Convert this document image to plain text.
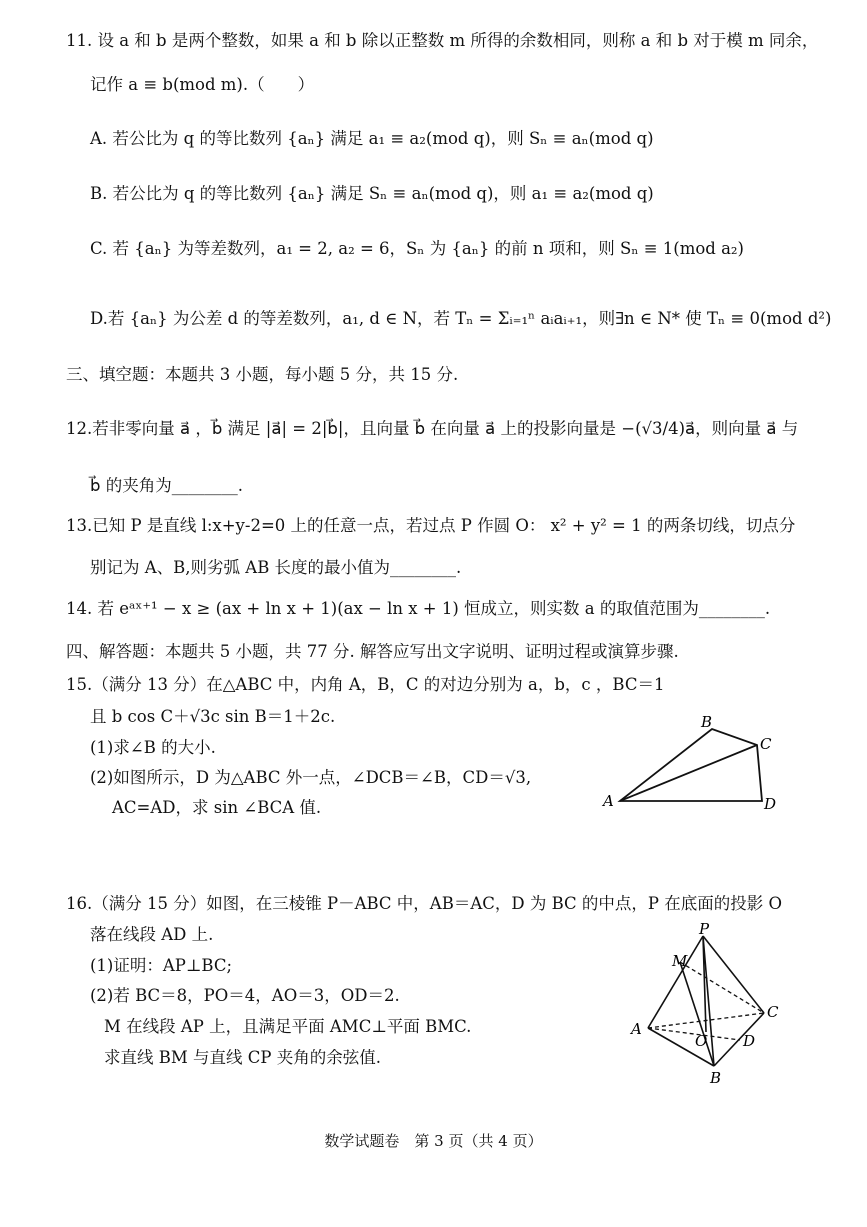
11. 设 a 和 b 是两个整数，如果 a 和 b 除以正整数 m 所得的余数相同，则称 a 和 b 对于模 m 同余，
记作 a ≡ b(mod m).（　　）
A. 若公比为 q 的等比数列 {aₙ} 满足 a₁ ≡ a₂(mod q)，则 Sₙ ≡ aₙ(mod q)
B. 若公比为 q 的等比数列 {aₙ} 满足 Sₙ ≡ aₙ(mod q)，则 a₁ ≡ a₂(mod q)
C. 若 {aₙ} 为等差数列，a₁ = 2, a₂ = 6，Sₙ 为 {aₙ} 的前 n 项和，则 Sₙ ≡ 1(mod a₂)
D.若 {aₙ} 为公差 d 的等差数列，a₁, d ∈ N，若 Tₙ = Σᵢ₌₁ⁿ aᵢaᵢ₊₁，则∃n ∈ N* 使 Tₙ ≡ 0(mod d²)
三、填空题：本题共 3 小题，每小题 5 分，共 15 分.
12.若非零向量 a⃗ ，b⃗ 满足 |a⃗| = 2|b⃗|，且向量 b⃗ 在向量 a⃗ 上的投影向量是 −(√3/4)a⃗，则向量 a⃗ 与
b⃗ 的夹角为________.
13.已知 P 是直线 l:x+y-2=0 上的任意一点，若过点 P 作圆 O： x² + y² = 1 的两条切线，切点分
别记为 A、B,则劣弧 AB 长度的最小值为________.
14. 若 eᵃˣ⁺¹ − x ≥ (ax + ln x + 1)(ax − ln x + 1) 恒成立，则实数 a 的取值范围为________.
四、解答题：本题共 5 小题，共 77 分. 解答应写出文字说明、证明过程或演算步骤.
15.（满分 13 分）在△ABC 中，内角 A，B，C 的对边分别为 a，b，c ，BC＝1
且 b cos C＋√3c sin B＝1＋2c.
(1)求∠B 的大小.
(2)如图所示，D 为△ABC 外一点，∠DCB＝∠B，CD＝√3,
AC=AD，求 sin ∠BCA 值.
B
C
A	D
16.（满分 15 分）如图，在三棱锥 P－ABC 中，AB＝AC，D 为 BC 的中点，P 在底面的投影 O
落在线段 AD 上.
(1)证明：AP⊥BC;
(2)若 BC＝8，PO＝4，AO＝3，OD＝2.
M 在线段 AP 上，且满足平面 AMC⊥平面 BMC.
求直线 BM 与直线 CP 夹角的余弦值.
P
M
A
C
O D
B
数学试题卷　第 3 页（共 4 页）
